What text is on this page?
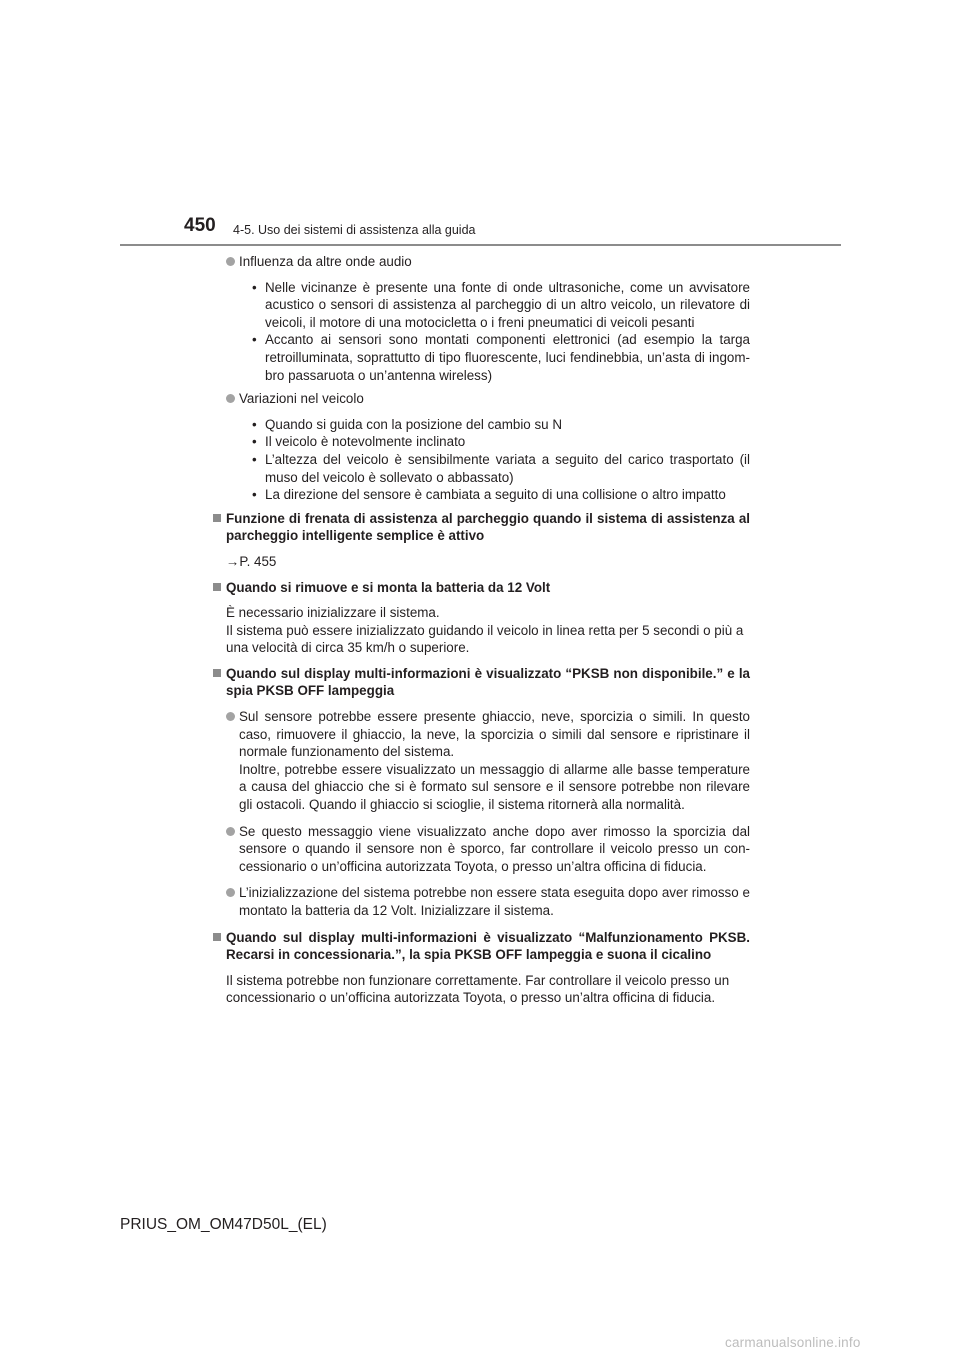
450 4-5. Uso dei sistemi di assistenza alla guida
Influenza da altre onde audio
• Nelle vicinanze è presente una fonte di onde ultrasoniche, come un avvisatore acustico o sensori di assistenza al parcheggio di un altro veicolo, un rilevatore di veicoli, il motore di una motocicletta o i freni pneumatici di veicoli pesanti
• Accanto ai sensori sono montati componenti elettronici (ad esempio la targa retroilluminata, soprattutto di tipo fluorescente, luci fendinebbia, un’asta di ingom-bro passaruota o un’antenna wireless)
Variazioni nel veicolo
• Quando si guida con la posizione del cambio su N
• Il veicolo è notevolmente inclinato
• L’altezza del veicolo è sensibilmente variata a seguito del carico trasportato (il muso del veicolo è sollevato o abbassato)
• La direzione del sensore è cambiata a seguito di una collisione o altro impatto
Funzione di frenata di assistenza al parcheggio quando il sistema di assistenza al parcheggio intelligente semplice è attivo
→P. 455
Quando si rimuove e si monta la batteria da 12 Volt

È necessario inizializzare il sistema.

Il sistema può essere inizializzato guidando il veicolo in linea retta per 5 secondi o più a una velocità di circa 35 km/h o superiore.

Quando sul display multi-informazioni è visualizzato “PKSB non disponibile.” e la spia PKSB OFF lampeggia

Sul sensore potrebbe essere presente ghiaccio, neve, sporcizia o simili. In questo caso, rimuovere il ghiaccio, la neve, la sporcizia o simili dal sensore e ripristinare il normale funzionamento del sistema.

Inoltre, potrebbe essere visualizzato un messaggio di allarme alle basse temperature a causa del ghiaccio che si è formato sul sensore e il sensore potrebbe non rilevare gli ostacoli. Quando il ghiaccio si scioglie, il sistema ritornerà alla normalità.

Se questo messaggio viene visualizzato anche dopo aver rimosso la sporcizia dal sensore o quando il sensore non è sporco, far controllare il veicolo presso un con-cessionario o un’officina autorizzata Toyota, o presso un’altra officina di fiducia.

L’inizializzazione del sistema potrebbe non essere stata eseguita dopo aver rimosso e montato la batteria da 12 Volt. Inizializzare il sistema.

Quando sul display multi-informazioni è visualizzato “Malfunzionamento PKSB. Recarsi in concessionaria.”, la spia PKSB OFF lampeggia e suona il cicalino

Il sistema potrebbe non funzionare correttamente. Far controllare il veicolo presso un concessionario o un’officina autorizzata Toyota, o presso un’altra officina di fiducia.

PRIUS_OM_OM47D50L_(EL)
carmanualsonline.info
